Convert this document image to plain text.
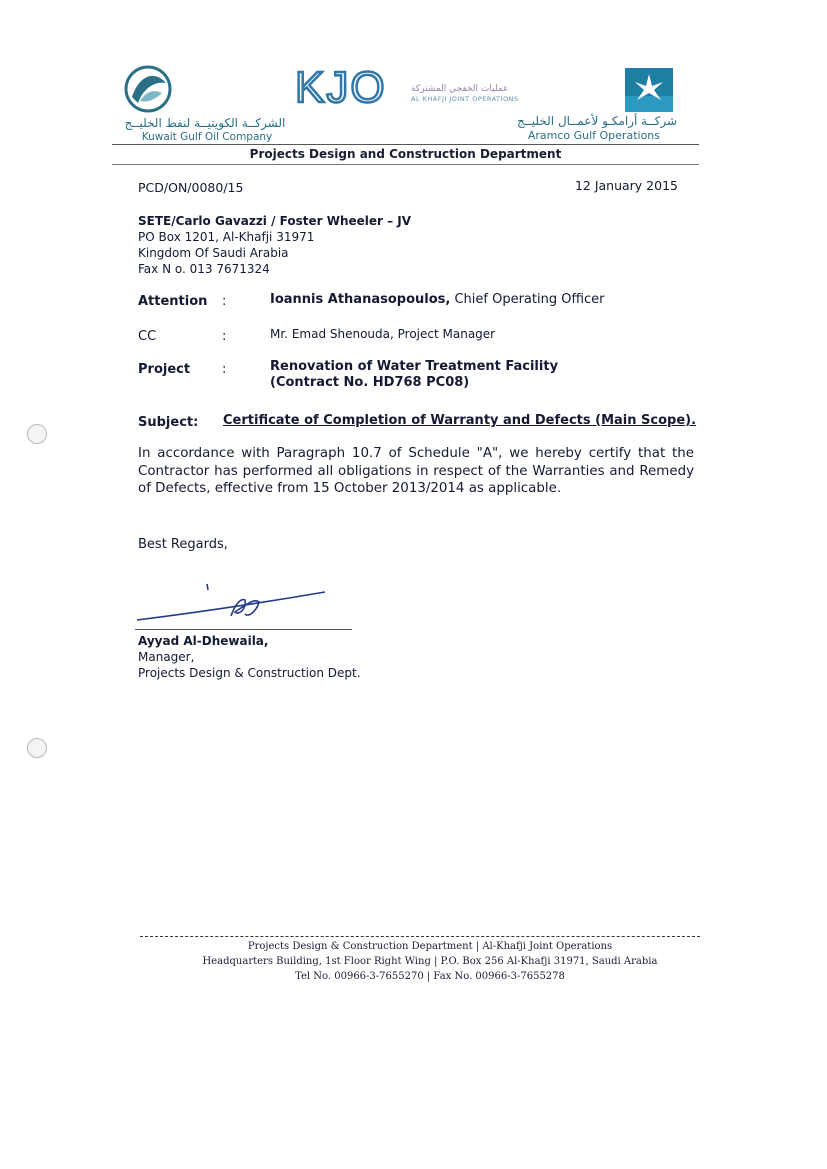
الشركــة الكويتيــة لنفط الخليــج
Kuwait Gulf Oil Company
KJO	عمليات الخفجي المشتركة
AL KHAFJI JOINT OPERATIONS
شركــة أرامكـو لأعمــال الخليــج
Aramco Gulf Operations
Projects Design and Construction Department
PCD/ON/0080/15	12 January 2015
SETE/Carlo Gavazzi / Foster Wheeler – JV
PO Box 1201, Al-Khafji 31971
Kingdom Of Saudi Arabia
Fax N o. 013 7671324
Attention :	Ioannis Athanasopoulos, Chief Operating Officer
CC	:	Mr. Emad Shenouda, Project Manager
Project :	Renovation of Water Treatment Facility
(Contract No. HD768 PC08)
Subject: Certificate of Completion of Warranty and Defects (Main Scope).
In accordance with Paragraph 10.7 of Schedule "A", we hereby certify that the Contractor has performed all obligations in respect of the Warranties and Remedy of Defects, effective from 15 October 2013/2014 as applicable.
Best Regards,
Ayyad Al-Dhewaila,
Manager,
Projects Design & Construction Dept.
Projects Design & Construction Department | Al-Khafji Joint Operations
Headquarters Building, 1st Floor Right Wing | P.O. Box 256 Al-Khafji 31971, Saudi Arabia
Tel No. 00966-3-7655270 | Fax No. 00966-3-7655278
